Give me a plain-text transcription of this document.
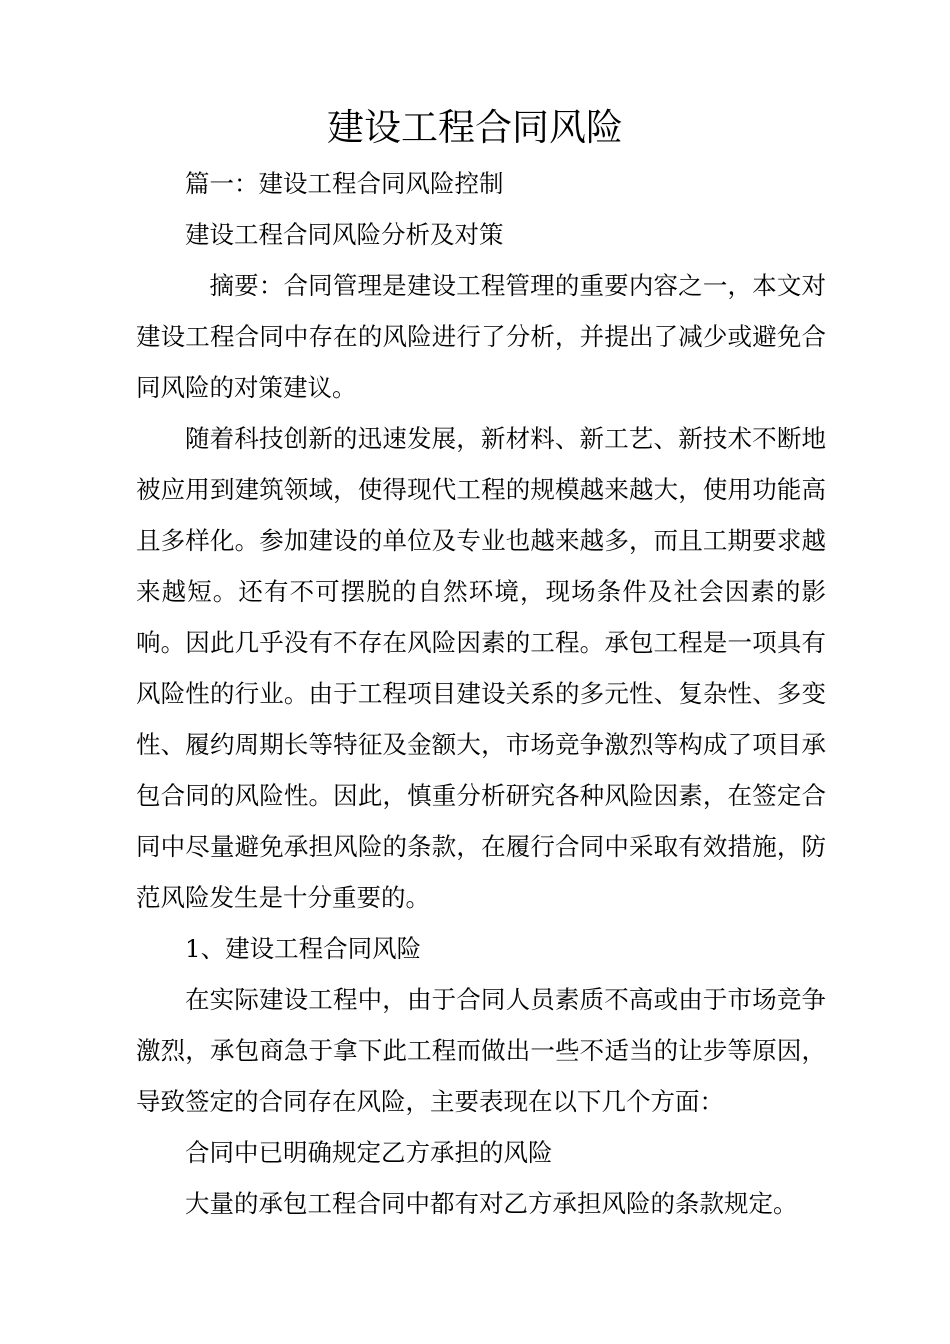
建设工程合同风险

篇一：建设工程合同风险控制

建设工程合同风险分析及对策

摘要：合同管理是建设工程管理的重要内容之一，本文对建设工程合同中存在的风险进行了分析，并提出了减少或避免合同风险的对策建议。

随着科技创新的迅速发展，新材料、新工艺、新技术不断地被应用到建筑领域，使得现代工程的规模越来越大，使用功能高且多样化。参加建设的单位及专业也越来越多，而且工期要求越来越短。还有不可摆脱的自然环境，现场条件及社会因素的影响。因此几乎没有不存在风险因素的工程。承包工程是一项具有风险性的行业。由于工程项目建设关系的多元性、复杂性、多变性、履约周期长等特征及金额大，市场竞争激烈等构成了项目承包合同的风险性。因此，慎重分析研究各种风险因素，在签定合同中尽量避免承担风险的条款，在履行合同中采取有效措施，防范风险发生是十分重要的。

1、建设工程合同风险

在实际建设工程中，由于合同人员素质不高或由于市场竞争激烈，承包商急于拿下此工程而做出一些不适当的让步等原因，导致签定的合同存在风险，主要表现在以下几个方面：

合同中已明确规定乙方承担的风险

大量的承包工程合同中都有对乙方承担风险的条款规定。
